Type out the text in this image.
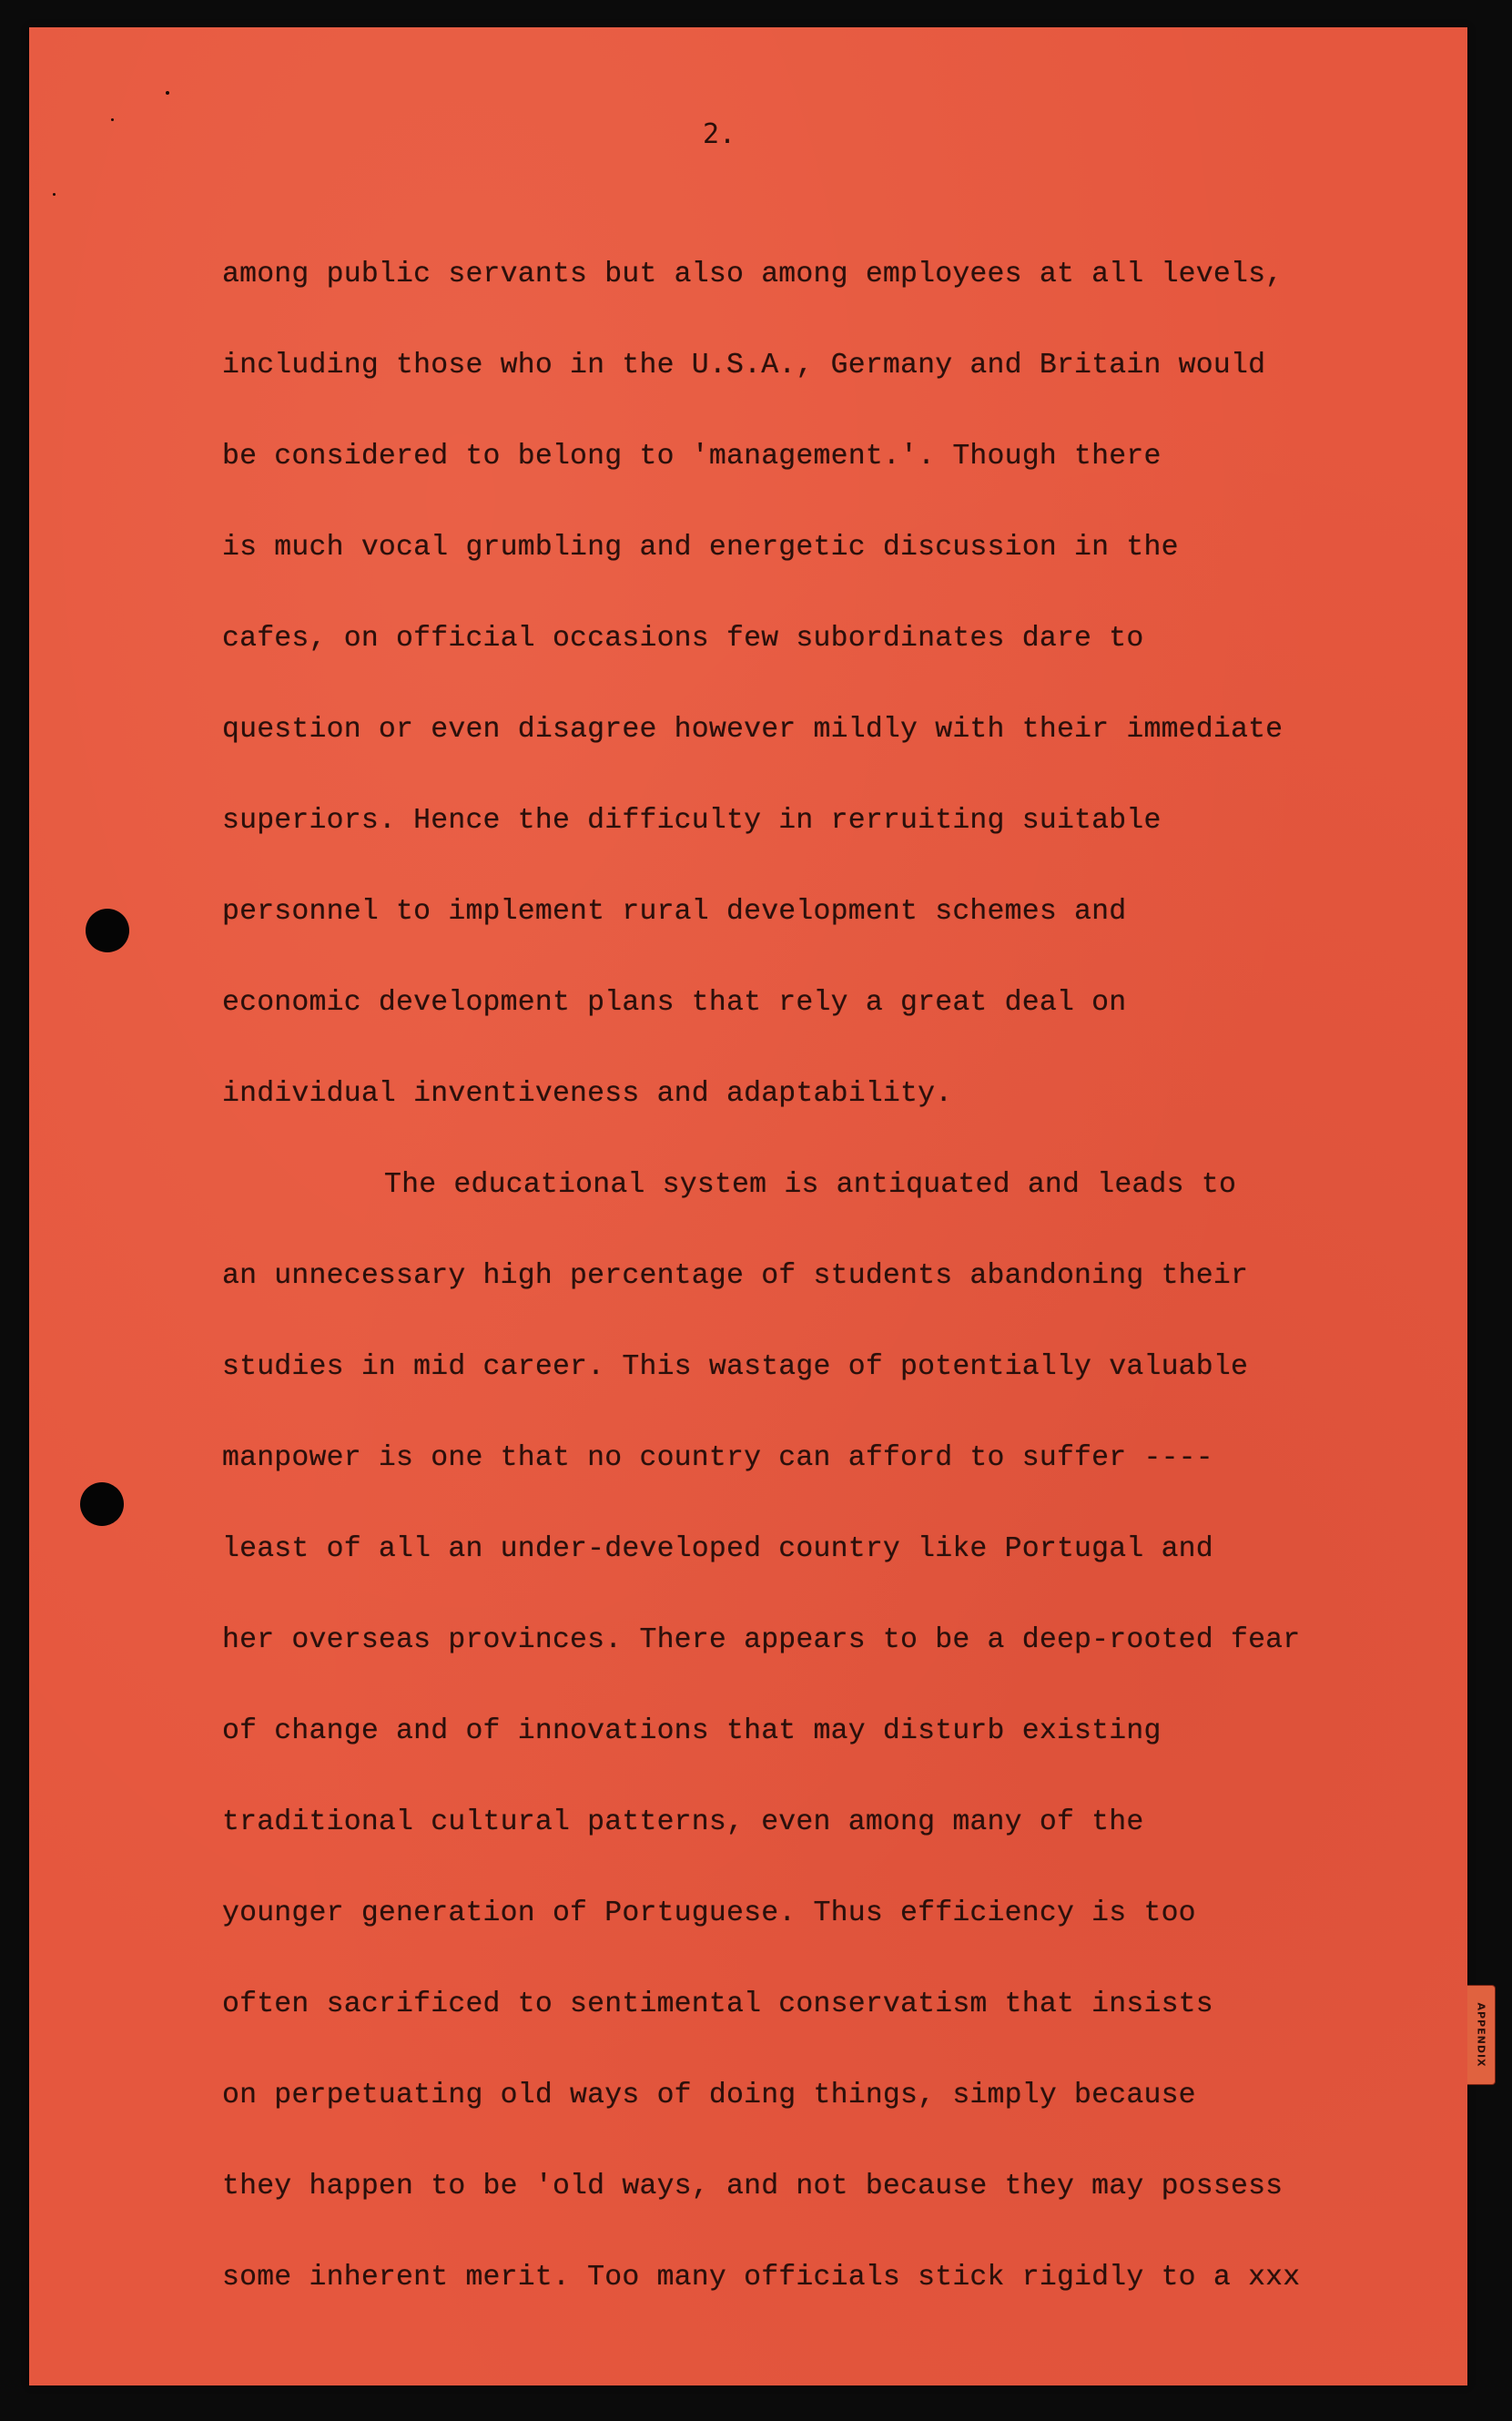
2.
among public servants but also among employees at all levels,
including those who in the U.S.A., Germany and Britain would
be considered to belong to 'management.'. Though there
is much vocal grumbling and energetic discussion in the
cafes, on official occasions few subordinates dare to
question or even disagree however mildly with their immediate
superiors. Hence the difficulty in rerruiting suitable
personnel to implement rural development schemes and
economic development plans that rely a great deal on
individual inventiveness and adaptability.
The educational system is antiquated and leads to
an unnecessary high percentage of students abandoning their
studies in mid career. This wastage of potentially valuable
manpower is one that no country can afford to suffer ----
least of all an under-developed country like Portugal and
her overseas provinces. There appears to be a deep-rooted fear
of change and of innovations that may disturb existing
traditional cultural patterns, even among many of the
younger generation of Portuguese. Thus efficiency is too
often sacrificed to sentimental conservatism that insists
on perpetuating old ways of doing things, simply because
they happen to be 'old ways, and not because they may possess
some inherent merit. Too many officials stick rigidly to a xxx
APPENDIX
